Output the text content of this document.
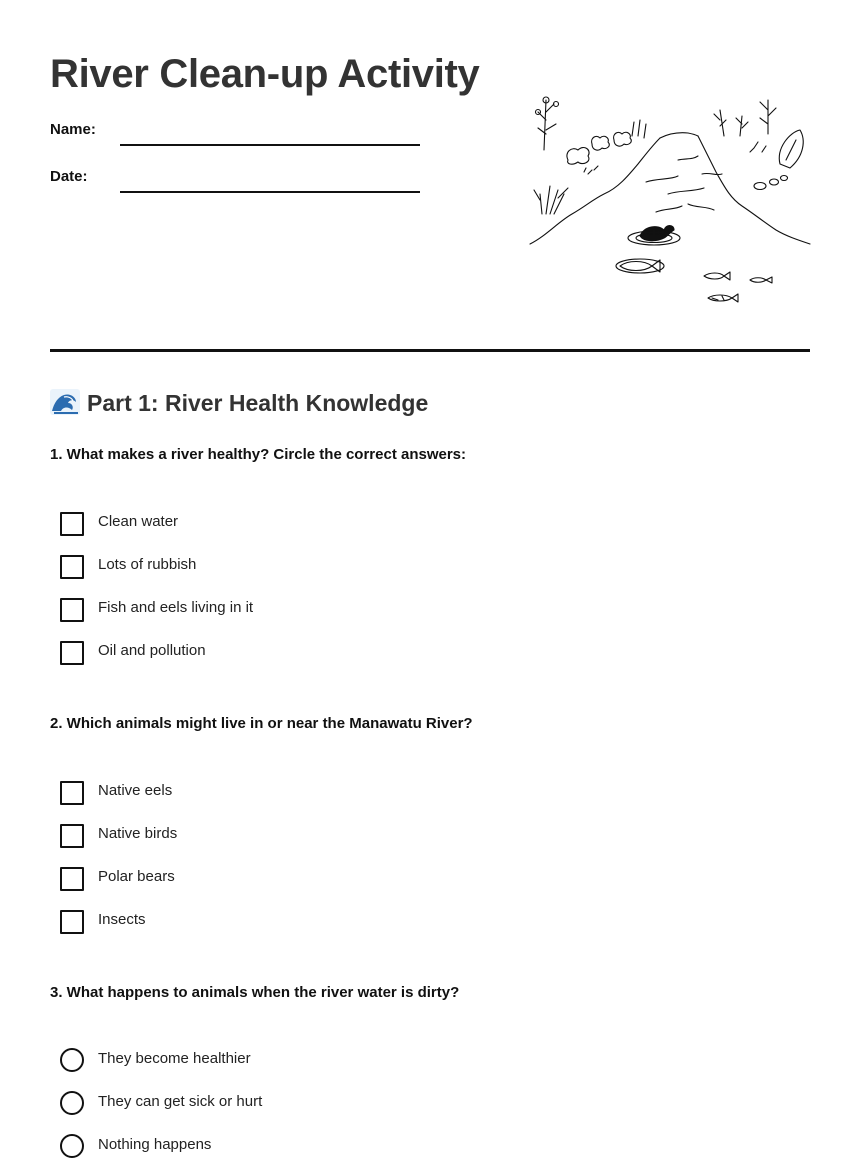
River Clean-up Activity
Name:
Date:
Part 1: River Health Knowledge
1. What makes a river healthy? Circle the correct answers:
Clean water
Lots of rubbish
Fish and eels living in it
Oil and pollution
2. Which animals might live in or near the Manawatu River?
Native eels
Native birds
Polar bears
Insects
3. What happens to animals when the river water is dirty?
They become healthier
They can get sick or hurt
Nothing happens
